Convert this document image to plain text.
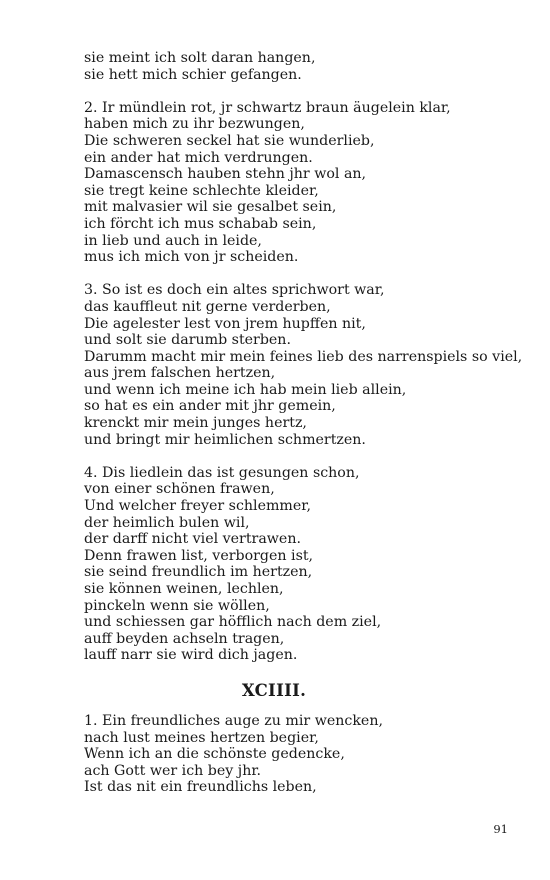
sie meint ich solt daran hangen,
sie hett mich schier gefangen.
2. Ir mündlein rot, jr schwartz braun äugelein klar,
haben mich zu ihr bezwungen,
Die schweren seckel hat sie wunderlieb,
ein ander hat mich verdrungen.
Damascensch hauben stehn jhr wol an,
sie tregt keine schlechte kleider,
mit malvasier wil sie gesalbet sein,
ich förcht ich mus schabab sein,
in lieb und auch in leide,
mus ich mich von jr scheiden.
3. So ist es doch ein altes sprichwort war,
das kauffleut nit gerne verderben,
Die agelester lest von jrem hupffen nit,
und solt sie darumb sterben.
Darumm macht mir mein feines lieb des narrenspiels so viel,
aus jrem falschen hertzen,
und wenn ich meine ich hab mein lieb allein,
so hat es ein ander mit jhr gemein,
krenckt mir mein junges hertz,
und bringt mir heimlichen schmertzen.
4. Dis liedlein das ist gesungen schon,
von einer schönen frawen,
Und welcher freyer schlemmer,
der heimlich bulen wil,
der darff nicht viel vertrawen.
Denn frawen list, verborgen ist,
sie seind freundlich im hertzen,
sie können weinen, lechlen,
pinckeln wenn sie wöllen,
und schiessen gar höfflich nach dem ziel,
auff beyden achseln tragen,
lauff narr sie wird dich jagen.
XCIIII.
1. Ein freundliches auge zu mir wencken,
nach lust meines hertzen begier,
Wenn ich an die schönste gedencke,
ach Gott wer ich bey jhr.
Ist das nit ein freundlichs leben,
91
